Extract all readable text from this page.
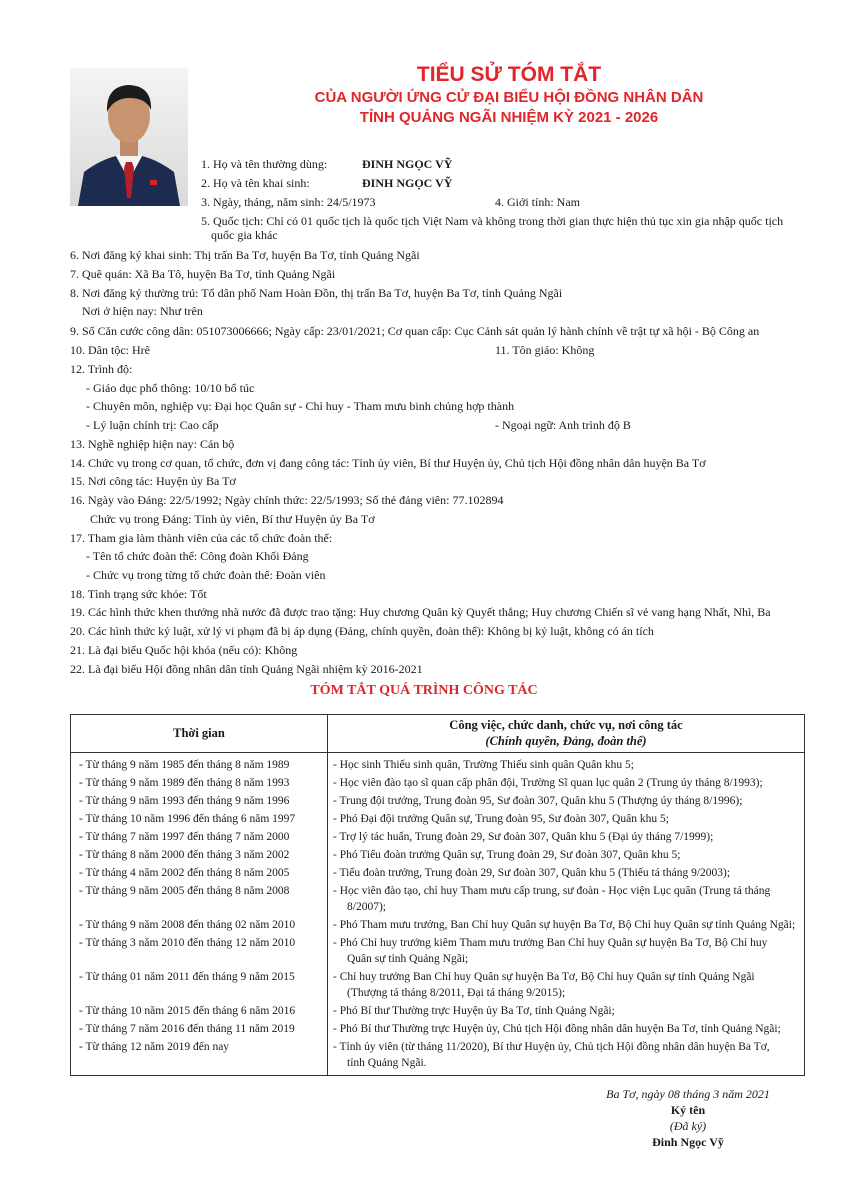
TIỂU SỬ TÓM TẮT
CỦA NGƯỜI ỨNG CỬ ĐẠI BIỂU HỘI ĐỒNG NHÂN DÂN
TỈNH QUẢNG NGÃI NHIỆM KỲ 2021 - 2026
1. Họ và tên thường dùng:	ĐINH NGỌC VỸ
2. Họ và tên khai sinh:	ĐINH NGỌC VỸ
3. Ngày, tháng, năm sinh: 24/5/1973	4. Giới tính: Nam
5. Quốc tịch: Chỉ có 01 quốc tịch là quốc tịch Việt Nam và không trong thời gian thực hiện thủ tục xin gia nhập quốc tịch
quốc gia khác
6. Nơi đăng ký khai sinh: Thị trấn Ba Tơ, huyện Ba Tơ, tỉnh Quảng Ngãi
7. Quê quán: Xã Ba Tô, huyện Ba Tơ, tỉnh Quảng Ngãi
8. Nơi đăng ký thường trú: Tổ dân phố Nam Hoàn Đồn, thị trấn Ba Tơ, huyện Ba Tơ, tỉnh Quảng Ngãi
Nơi ở hiện nay: Như trên
9. Số Căn cước công dân: 051073006666; Ngày cấp: 23/01/2021; Cơ quan cấp: Cục Cảnh sát quản lý hành chính về trật tự xã hội - Bộ Công an
10. Dân tộc: Hrê	11. Tôn giáo: Không
12. Trình độ:
- Giáo dục phổ thông: 10/10 bổ túc
- Chuyên môn, nghiệp vụ: Đại học Quân sự - Chỉ huy - Tham mưu binh chủng hợp thành
- Lý luận chính trị: Cao cấp	- Ngoại ngữ: Anh trình độ B
13. Nghề nghiệp hiện nay: Cán bộ
14. Chức vụ trong cơ quan, tổ chức, đơn vị đang công tác: Tỉnh ủy viên, Bí thư Huyện ủy, Chủ tịch Hội đồng nhân dân huyện Ba Tơ
15. Nơi công tác: Huyện ủy Ba Tơ
16. Ngày vào Đảng: 22/5/1992; Ngày chính thức: 22/5/1993; Số thẻ đảng viên: 77.102894
Chức vụ trong Đảng: Tỉnh ủy viên, Bí thư Huyện ủy Ba Tơ
17. Tham gia làm thành viên của các tổ chức đoàn thể:
- Tên tổ chức đoàn thể: Công đoàn Khối Đảng
- Chức vụ trong từng tổ chức đoàn thể: Đoàn viên
18. Tình trạng sức khỏe: Tốt
19. Các hình thức khen thưởng nhà nước đã được trao tặng: Huy chương Quân kỳ Quyết thắng; Huy chương Chiến sĩ vẻ vang hạng Nhất, Nhì, Ba
20. Các hình thức kỷ luật, xử lý vi phạm đã bị áp dụng (Đảng, chính quyền, đoàn thể): Không bị kỷ luật, không có án tích
21. Là đại biểu Quốc hội khóa (nếu có): Không
22. Là đại biểu Hội đồng nhân dân tỉnh Quảng Ngãi nhiệm kỳ 2016-2021
TÓM TẮT QUÁ TRÌNH CÔNG TÁC
Thời gian
Công việc, chức danh, chức vụ, nơi công tác
(Chính quyền, Đảng, đoàn thể)
- Từ tháng 9 năm 1985 đến tháng 8 năm 1989	- Học sinh Thiếu sinh quân, Trường Thiếu sinh quân Quân khu 5;
- Từ tháng 9 năm 1989 đến tháng 8 năm 1993	- Học viên đào tạo sĩ quan cấp phân đội, Trường Sĩ quan lục quân 2 (Trung úy tháng 8/1993);
- Từ tháng 9 năm 1993 đến tháng 9 năm 1996	- Trung đội trưởng, Trung đoàn 95, Sư đoàn 307, Quân khu 5 (Thượng úy tháng 8/1996);
- Từ tháng 10 năm 1996 đến tháng 6 năm 1997	- Phó Đại đội trưởng Quân sự, Trung đoàn 95, Sư đoàn 307, Quân khu 5;
- Từ tháng 7 năm 1997 đến tháng 7 năm 2000	- Trợ lý tác huấn, Trung đoàn 29, Sư đoàn 307, Quân khu 5 (Đại úy tháng 7/1999);
- Từ tháng 8 năm 2000 đến tháng 3 năm 2002	- Phó Tiểu đoàn trưởng Quân sự, Trung đoàn 29, Sư đoàn 307, Quân khu 5;
- Từ tháng 4 năm 2002 đến tháng 8 năm 2005	- Tiểu đoàn trưởng, Trung đoàn 29, Sư đoàn 307, Quân khu 5 (Thiếu tá tháng 9/2003);
- Từ tháng 9 năm 2005 đến tháng 8 năm 2008	- Học viên đào tạo, chỉ huy Tham mưu cấp trung, sư đoàn - Học viện Lục quân (Trung tá tháng
8/2007);
- Từ tháng 9 năm 2008 đến tháng 02 năm 2010	- Phó Tham mưu trưởng, Ban Chỉ huy Quân sự huyện Ba Tơ, Bộ Chỉ huy Quân sự tỉnh Quảng Ngãi;
- Từ tháng 3 năm 2010 đến tháng 12 năm 2010	- Phó Chỉ huy trưởng kiêm Tham mưu trưởng Ban Chỉ huy Quân sự huyện Ba Tơ, Bộ Chỉ huy
Quân sự tỉnh Quảng Ngãi;
- Từ tháng 01 năm 2011 đến tháng 9 năm 2015	- Chỉ huy trưởng Ban Chỉ huy Quân sự huyện Ba Tơ, Bộ Chỉ huy Quân sự tỉnh Quảng Ngãi
(Thượng tá tháng 8/2011, Đại tá tháng 9/2015);
- Từ tháng 10 năm 2015 đến tháng 6 năm 2016	- Phó Bí thư Thường trực Huyện ủy Ba Tơ, tỉnh Quảng Ngãi;
- Từ tháng 7 năm 2016 đến tháng 11 năm 2019	- Phó Bí thư Thường trực Huyện ủy, Chủ tịch Hội đồng nhân dân huyện Ba Tơ, tỉnh Quảng Ngãi;
- Từ tháng 12 năm 2019 đến nay	- Tỉnh ủy viên (từ tháng 11/2020), Bí thư Huyện ủy, Chủ tịch Hội đồng nhân dân huyện Ba Tơ,
tỉnh Quảng Ngãi.
Ba Tơ, ngày 08 tháng 3 năm 2021
Ký tên
(Đã ký)
Đinh Ngọc Vỹ
